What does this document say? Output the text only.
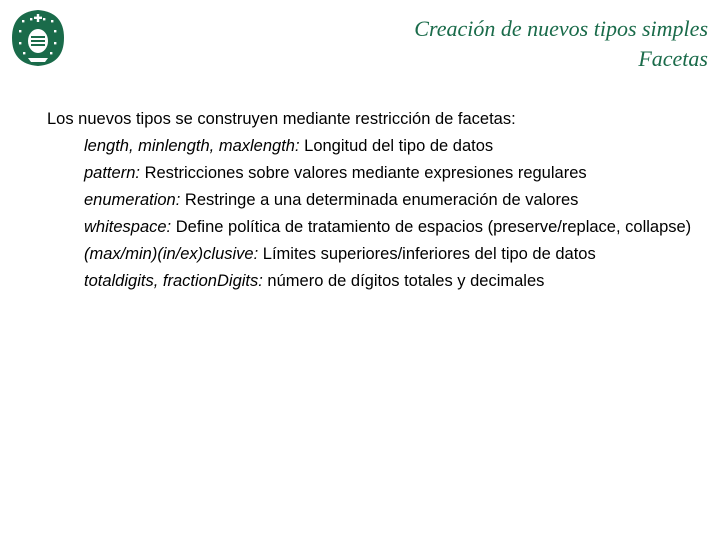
Creación de nuevos tipos simples
Facetas

Los nuevos tipos se construyen mediante restricción de facetas:

length, minlength, maxlength: Longitud del tipo de datos
pattern: Restricciones sobre valores mediante expresiones regulares
enumeration: Restringe a una determinada enumeración de valores
whitespace: Define política de tratamiento de espacios (preserve/replace, collapse)
(max/min)(in/ex)clusive: Límites superiores/inferiores del tipo de datos
totaldigits, fractionDigits: número de dígitos totales y decimales
